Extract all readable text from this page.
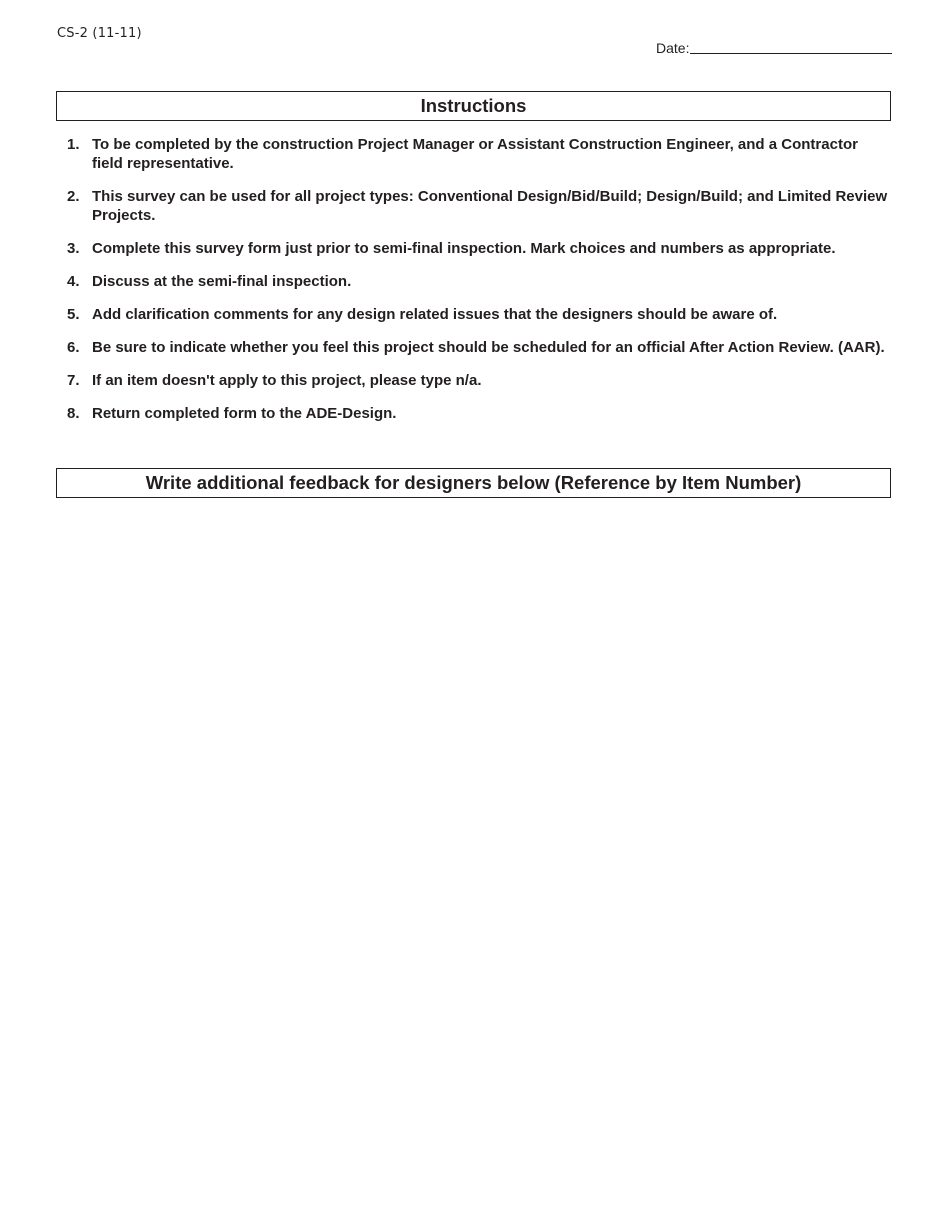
CS-2 (11-11)
Date:
Instructions
1. To be completed by the construction Project Manager or Assistant Construction Engineer, and a Contractor field representative.
2. This survey can be used for all project types: Conventional Design/Bid/Build; Design/Build; and Limited Review Projects.
3. Complete this survey form just prior to semi-final inspection. Mark choices and numbers as appropriate.
4. Discuss at the semi-final inspection.
5. Add clarification comments for any design related issues that the designers should be aware of.
6. Be sure to indicate whether you feel this project should be scheduled for an official After Action Review. (AAR).
7. If an item doesn't apply to this project, please type n/a.
8. Return completed form to the ADE-Design.
Write additional feedback for designers below (Reference by Item Number)
